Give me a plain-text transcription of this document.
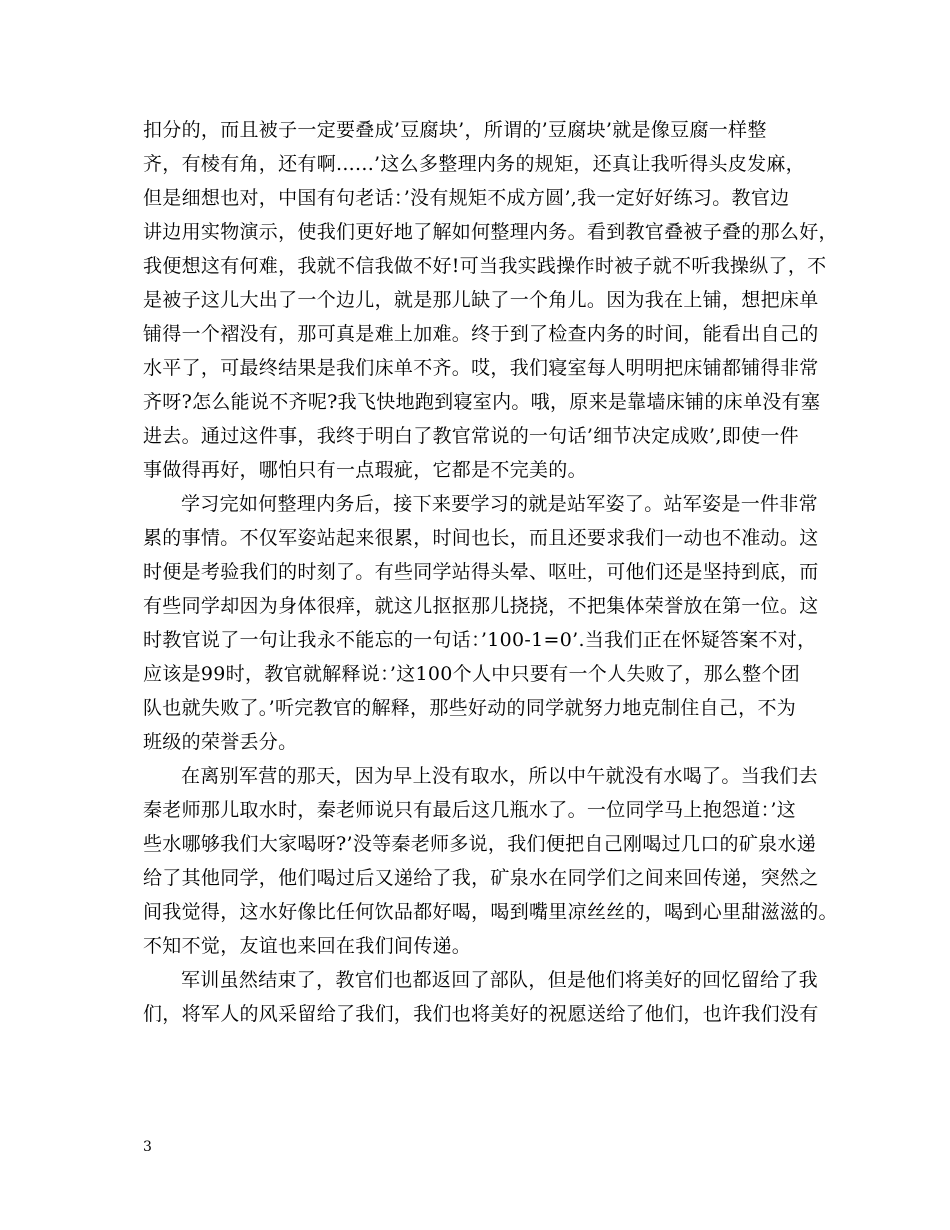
扣分的，而且被子一定要叠成’豆腐块’，所谓的’豆腐块’就是像豆腐一样整
齐，有棱有角，还有啊......’这么多整理内务的规矩，还真让我听得头皮发麻，
但是细想也对，中国有句老话：’没有规矩不成方圆’,我一定好好练习。教官边
讲边用实物演示，使我们更好地了解如何整理内务。看到教官叠被子叠的那么好，
我便想这有何难，我就不信我做不好!可当我实践操作时被子就不听我操纵了，不
是被子这儿大出了一个边儿，就是那儿缺了一个角儿。因为我在上铺，想把床单
铺得一个褶没有，那可真是难上加难。终于到了检查内务的时间，能看出自己的
水平了，可最终结果是我们床单不齐。哎，我们寝室每人明明把床铺都铺得非常
齐呀?怎么能说不齐呢?我飞快地跑到寝室内。哦，原来是靠墙床铺的床单没有塞
进去。通过这件事，我终于明白了教官常说的一句话’细节决定成败’,即使一件
事做得再好，哪怕只有一点瑕疵，它都是不完美的。
学习完如何整理内务后，接下来要学习的就是站军姿了。站军姿是一件非常
累的事情。不仅军姿站起来很累，时间也长，而且还要求我们一动也不准动。这
时便是考验我们的时刻了。有些同学站得头晕、呕吐，可他们还是坚持到底，而
有些同学却因为身体很痒，就这儿抠抠那儿挠挠，不把集体荣誉放在第一位。这
时教官说了一句让我永不能忘的一句话：’100-1=0’.当我们正在怀疑答案不对，
应该是99时，教官就解释说：’这100个人中只要有一个人失败了，那么整个团
队也就失败了。’听完教官的解释，那些好动的同学就努力地克制住自己，不为
班级的荣誉丢分。
在离别军营的那天，因为早上没有取水，所以中午就没有水喝了。当我们去
秦老师那儿取水时，秦老师说只有最后这几瓶水了。一位同学马上抱怨道：’这
些水哪够我们大家喝呀?’没等秦老师多说，我们便把自己刚喝过几口的矿泉水递
给了其他同学，他们喝过后又递给了我，矿泉水在同学们之间来回传递，突然之
间我觉得，这水好像比任何饮品都好喝，喝到嘴里凉丝丝的，喝到心里甜滋滋的。
不知不觉，友谊也来回在我们间传递。
军训虽然结束了，教官们也都返回了部队，但是他们将美好的回忆留给了我
们，将军人的风采留给了我们，我们也将美好的祝愿送给了他们，也许我们没有
3
